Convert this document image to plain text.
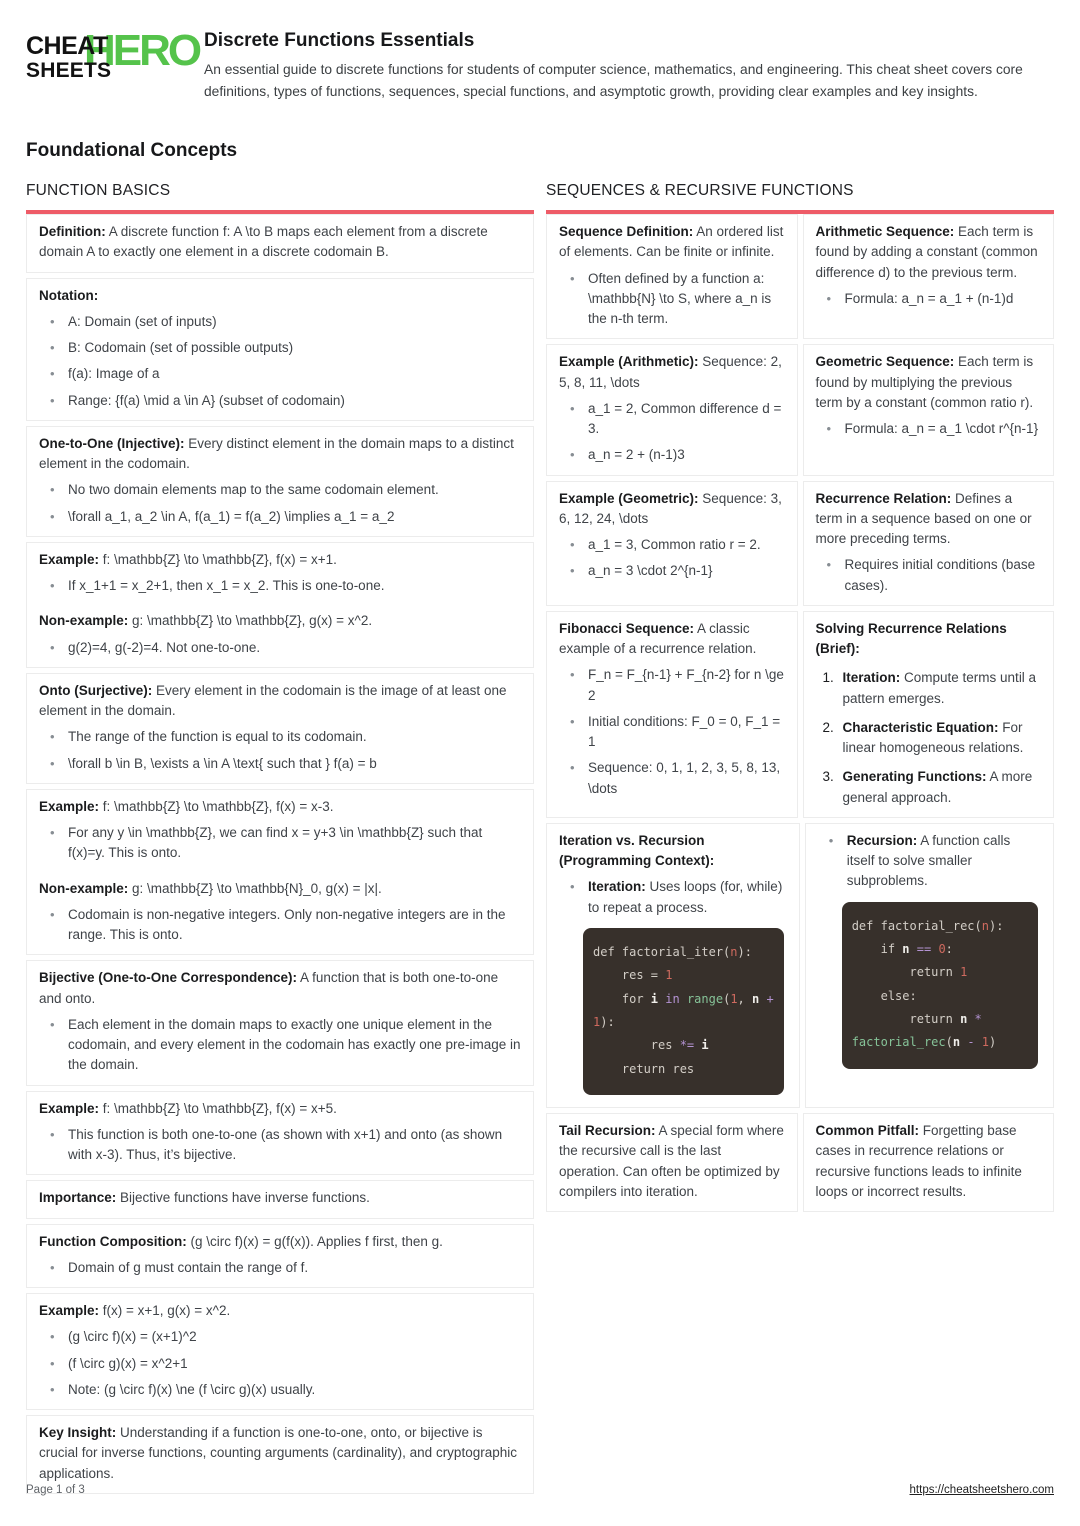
HERO
CHEAT
SHEETS
Discrete Functions Essentials

An essential guide to discrete functions for students of computer science, mathematics, and engineering. This cheat sheet covers core definitions, types of functions, sequences, special functions, and asymptotic growth, providing clear examples and key insights.

Foundational Concepts
FUNCTION BASICS

Definition: A discrete function f: A \to B maps each element from a discrete domain A to exactly one element in a discrete codomain B.

Notation:

• A: Domain (set of inputs)
• B: Codomain (set of possible outputs)
• f(a): Image of a
• Range: {f(a) \mid a \in A} (subset of codomain)

One-to-One (Injective): Every distinct element in the domain maps to a distinct element in the codomain.

• No two domain elements map to the same codomain element.
• \forall a_1, a_2 \in A, f(a_1) = f(a_2) \implies a_1 = a_2

Example: f: \mathbb{Z} \to \mathbb{Z}, f(x) = x+1.

• If x_1+1 = x_2+1, then x_1 = x_2. This is one-to-one.

Non-example: g: \mathbb{Z} \to \mathbb{Z}, g(x) = x^2.

• g(2)=4, g(-2)=4. Not one-to-one.

Onto (Surjective): Every element in the codomain is the image of at least one element in the domain.

• The range of the function is equal to its codomain.
• \forall b \in B, \exists a \in A \text{ such that } f(a) = b

Example: f: \mathbb{Z} \to \mathbb{Z}, f(x) = x-3.

• For any y \in \mathbb{Z}, we can find x = y+3 \in \mathbb{Z} such that f(x)=y. This is onto.

Non-example: g: \mathbb{Z} \to \mathbb{N}_0, g(x) = |x|.

• Codomain is non-negative integers. Only non-negative integers are in the range. This is onto.

Bijective (One-to-One Correspondence): A function that is both one-to-one and onto.

• Each element in the domain maps to exactly one unique element in the codomain, and every element in the codomain has exactly one pre-image in the domain.

Example: f: \mathbb{Z} \to \mathbb{Z}, f(x) = x+5.

• This function is both one-to-one (as shown with x+1) and onto (as shown with x-3). Thus, it’s bijective.

Importance: Bijective functions have inverse functions.

Function Composition: (g \circ f)(x) = g(f(x)). Applies f first, then g.

• Domain of g must contain the range of f.

Example: f(x) = x+1, g(x) = x^2.

• (g \circ f)(x) = (x+1)^2
• (f \circ g)(x) = x^2+1
• Note: (g \circ f)(x) \ne (f \circ g)(x) usually.

Key Insight: Understanding if a function is one-to-one, onto, or bijective is crucial for inverse functions, counting arguments (cardinality), and cryptographic applications.

SEQUENCES & RECURSIVE FUNCTIONS

Sequence Definition: An ordered list of elements. Can be finite or infinite.

• Often defined by a function a: \mathbb{N} \to S, where a_n is the n-th term.

Arithmetic Sequence: Each term is found by adding a constant (common difference d) to the previous term.

• Formula: a_n = a_1 + (n-1)d

Example (Arithmetic): Sequence: 2, 5, 8, 11, \dots

• a_1 = 2, Common difference d = 3.
• a_n = 2 + (n-1)3

Geometric Sequence: Each term is found by multiplying the previous term by a constant (common ratio r).

• Formula: a_n = a_1 \cdot r^{n-1}

Example (Geometric): Sequence: 3, 6, 12, 24, \dots

• a_1 = 3, Common ratio r = 2.
• a_n = 3 \cdot 2^{n-1}

Recurrence Relation: Defines a term in a sequence based on one or more preceding terms.

• Requires initial conditions (base cases).

Fibonacci Sequence: A classic example of a recurrence relation.

• F_n = F_{n-1} + F_{n-2} for n \ge 2
• Initial conditions: F_0 = 0, F_1 = 1
• Sequence: 0, 1, 1, 2, 3, 5, 8, 13, \dots

Solving Recurrence Relations (Brief):

1. Iteration: Compute terms until a pattern emerges.
2. Characteristic Equation: For linear homogeneous relations.
3. Generating Functions: A more general approach.

Iteration vs. Recursion (Programming Context):

• Iteration: Uses loops (for, while) to repeat a process.
def factorial_iter(n):
res = 1
for i in range(1, n +
1):
res *= i
return res
• Recursion: A function calls itself to solve smaller subproblems.
def factorial_rec(n):
if n == 0:
return 1
else:
return n *
factorial_rec(n - 1)

Tail Recursion: A special form where the recursive call is the last operation. Can often be optimized by compilers into iteration.

Common Pitfall: Forgetting base cases in recurrence relations or recursive functions leads to infinite loops or incorrect results.

Page 1 of 3	https://cheatsheetshero.com
